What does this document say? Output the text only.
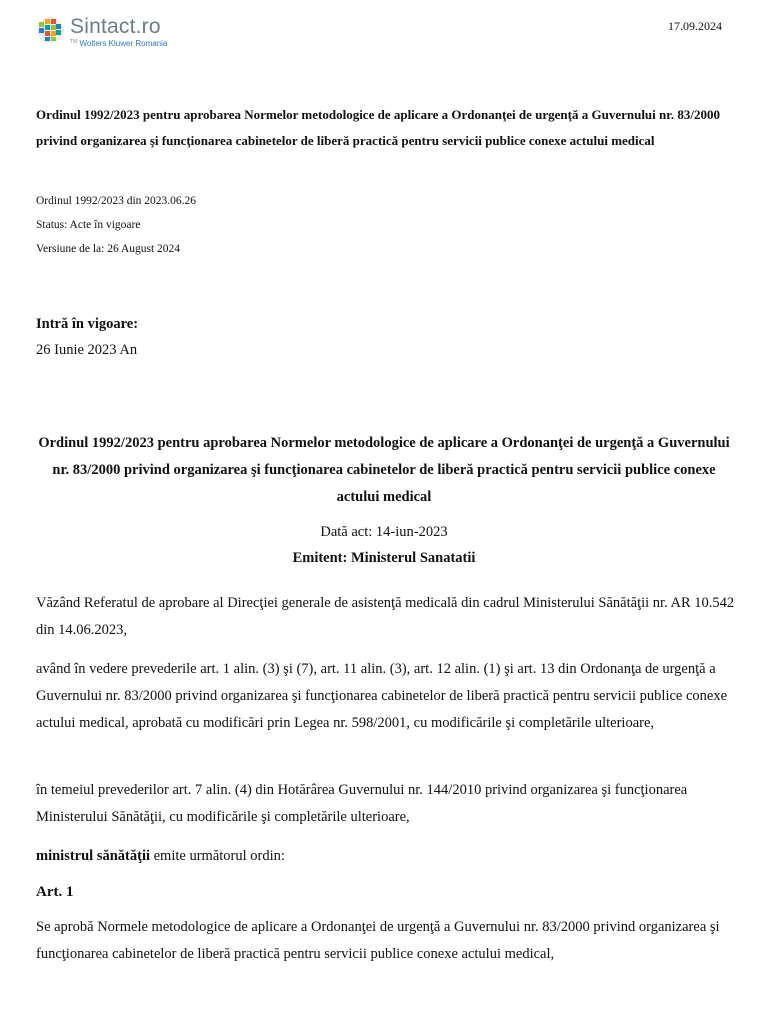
Sintact.ro
™ Wolters Kluwer Romania
17.09.2024
Ordinul 1992/2023 pentru aprobarea Normelor metodologice de aplicare a Ordonanţei de urgenţă a Guvernului nr. 83/2000 privind organizarea şi funcţionarea cabinetelor de liberă practică pentru servicii publice conexe actului medical
Ordinul 1992/2023 din 2023.06.26
Status: Acte în vigoare
Versiune de la: 26 August 2024
Intră în vigoare:
26 Iunie 2023 An
Ordinul 1992/2023 pentru aprobarea Normelor metodologice de aplicare a Ordonanţei de urgenţă a Guvernului nr. 83/2000 privind organizarea şi funcţionarea cabinetelor de liberă practică pentru servicii publice conexe actului medical
Dată act: 14-iun-2023
Emitent: Ministerul Sanatatii
Văzând Referatul de aprobare al Direcţiei generale de asistenţă medicală din cadrul Ministerului Sănătăţii nr. AR 10.542 din 14.06.2023,
având în vedere prevederile art. 1 alin. (3) şi (7), art. 11 alin. (3), art. 12 alin. (1) şi art. 13 din Ordonanţa de urgenţă a Guvernului nr. 83/2000 privind organizarea şi funcţionarea cabinetelor de liberă practică pentru servicii publice conexe actului medical, aprobată cu modificări prin Legea nr. 598/2001, cu modificările şi completările ulterioare,
în temeiul prevederilor art. 7 alin. (4) din Hotărârea Guvernului nr. 144/2010 privind organizarea şi funcţionarea Ministerului Sănătăţii, cu modificările şi completările ulterioare,
ministrul sănătăţii emite următorul ordin:
Art. 1
Se aprobă Normele metodologice de aplicare a Ordonanţei de urgenţă a Guvernului nr. 83/2000 privind organizarea şi funcţionarea cabinetelor de liberă practică pentru servicii publice conexe actului medical,
